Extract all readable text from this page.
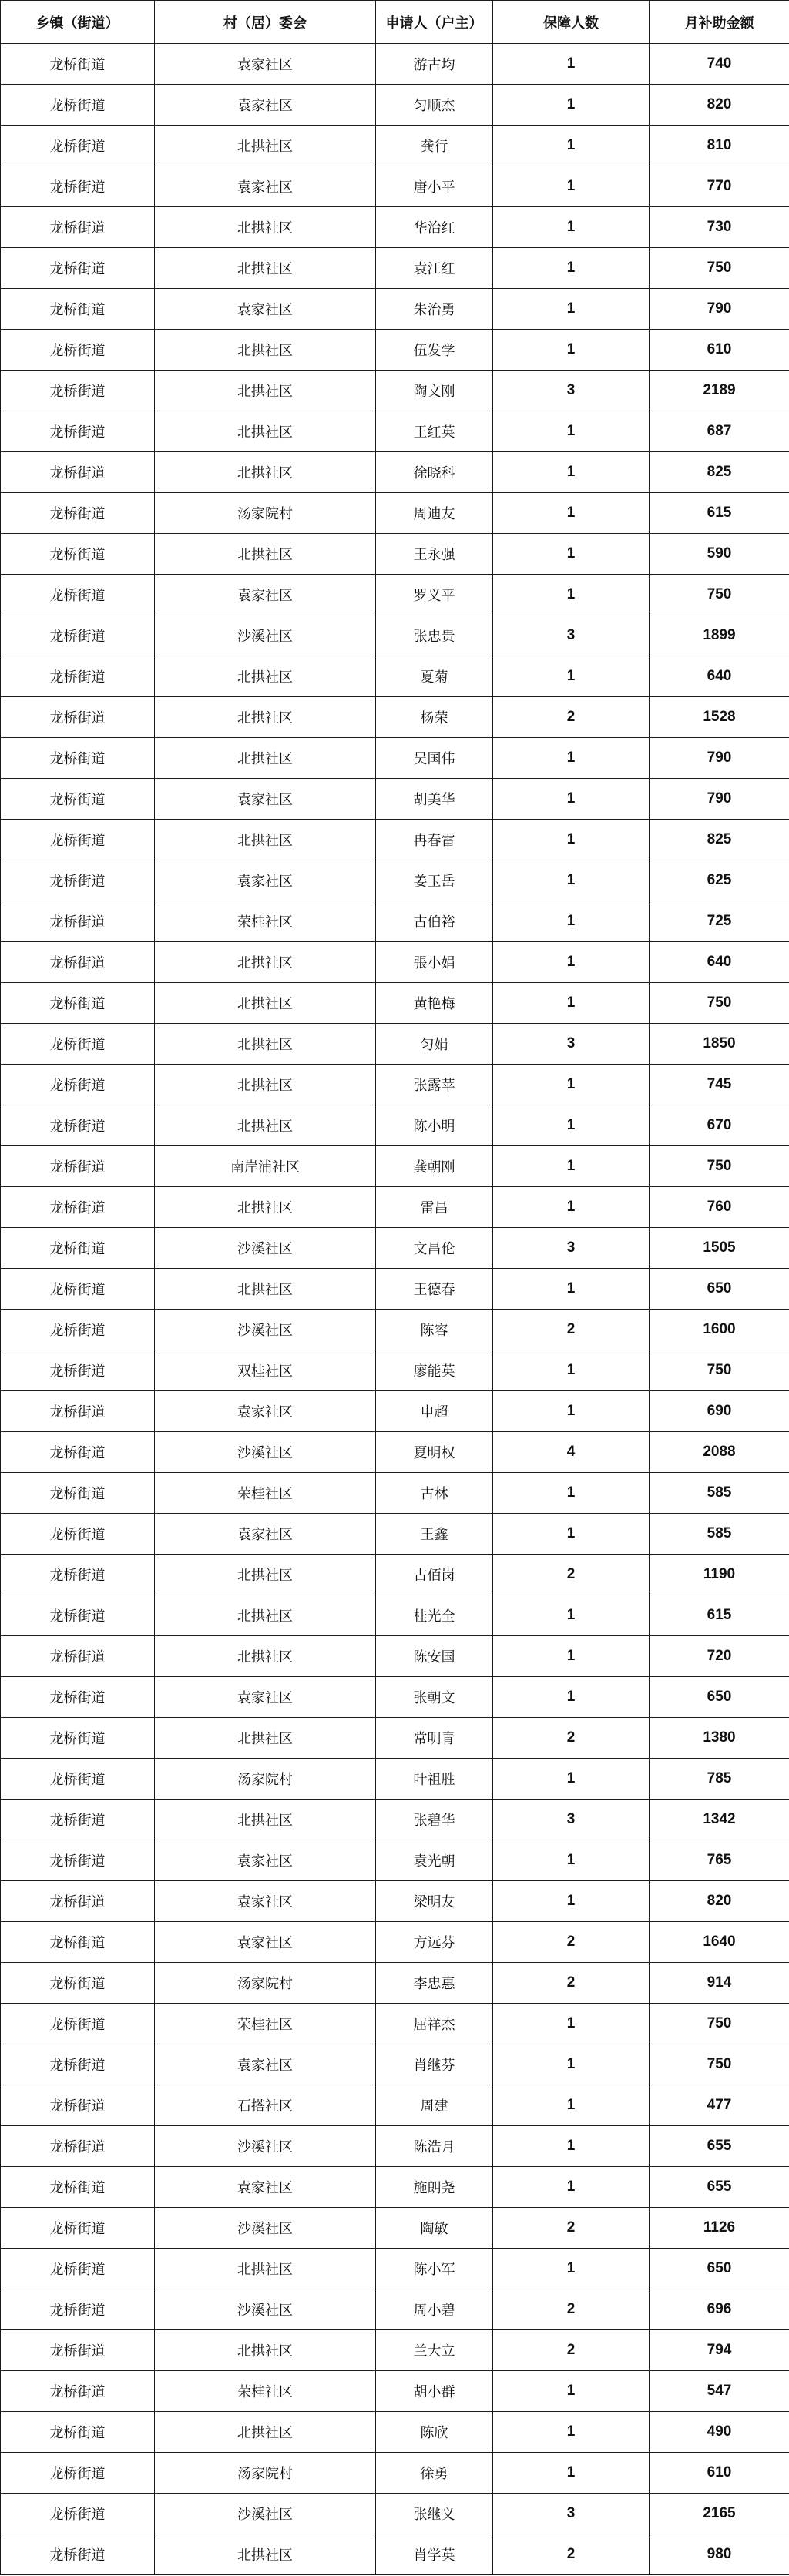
乡镇（街道）	村（居）委会	申请人（户主）	保障人数	月补助金额
龙桥街道	袁家社区	游古均	1	740
龙桥街道	袁家社区	匀顺杰	1	820
龙桥街道	北拱社区	龚行	1	810
龙桥街道	袁家社区	唐小平	1	770
龙桥街道	北拱社区	华治红	1	730
龙桥街道	北拱社区	袁江红	1	750
龙桥街道	袁家社区	朱治勇	1	790
龙桥街道	北拱社区	伍发学	1	610
龙桥街道	北拱社区	陶文刚	3	2189
龙桥街道	北拱社区	王红英	1	687
龙桥街道	北拱社区	徐晓科	1	825
龙桥街道	汤家院村	周迪友	1	615
龙桥街道	北拱社区	王永强	1	590
龙桥街道	袁家社区	罗义平	1	750
龙桥街道	沙溪社区	张忠贵	3	1899
龙桥街道	北拱社区	夏菊	1	640
龙桥街道	北拱社区	杨荣	2	1528
龙桥街道	北拱社区	吴国伟	1	790
龙桥街道	袁家社区	胡美华	1	790
龙桥街道	北拱社区	冉春雷	1	825
龙桥街道	袁家社区	姜玉岳	1	625
龙桥街道	荣桂社区	古伯裕	1	725
龙桥街道	北拱社区	張小娟	1	640
龙桥街道	北拱社区	黄艳梅	1	750
龙桥街道	北拱社区	匀娟	3	1850
龙桥街道	北拱社区	张露苹	1	745
龙桥街道	北拱社区	陈小明	1	670
龙桥街道	南岸浦社区	龚朝刚	1	750
龙桥街道	北拱社区	雷昌	1	760
龙桥街道	沙溪社区	文昌伦	3	1505
龙桥街道	北拱社区	王德春	1	650
龙桥街道	沙溪社区	陈容	2	1600
龙桥街道	双桂社区	廖能英	1	750
龙桥街道	袁家社区	申超	1	690
龙桥街道	沙溪社区	夏明权	4	2088
龙桥街道	荣桂社区	古林	1	585
龙桥街道	袁家社区	王鑫	1	585
龙桥街道	北拱社区	古佰岗	2	1190
龙桥街道	北拱社区	桂光全	1	615
龙桥街道	北拱社区	陈安国	1	720
龙桥街道	袁家社区	张朝文	1	650
龙桥街道	北拱社区	常明青	2	1380
龙桥街道	汤家院村	叶祖胜	1	785
龙桥街道	北拱社区	张碧华	3	1342
龙桥街道	袁家社区	袁光朝	1	765
龙桥街道	袁家社区	梁明友	1	820
龙桥街道	袁家社区	方远芬	2	1640
龙桥街道	汤家院村	李忠惠	2	914
龙桥街道	荣桂社区	屈祥杰	1	750
龙桥街道	袁家社区	肖继芬	1	750
龙桥街道	石搭社区	周建	1	477
龙桥街道	沙溪社区	陈浩月	1	655
龙桥街道	袁家社区	施朗尧	1	655
龙桥街道	沙溪社区	陶敏	2	1126
龙桥街道	北拱社区	陈小军	1	650
龙桥街道	沙溪社区	周小碧	2	696
龙桥街道	北拱社区	兰大立	2	794
龙桥街道	荣桂社区	胡小群	1	547
龙桥街道	北拱社区	陈欣	1	490
龙桥街道	汤家院村	徐勇	1	610
龙桥街道	沙溪社区	张继义	3	2165
龙桥街道	北拱社区	肖学英	2	980
